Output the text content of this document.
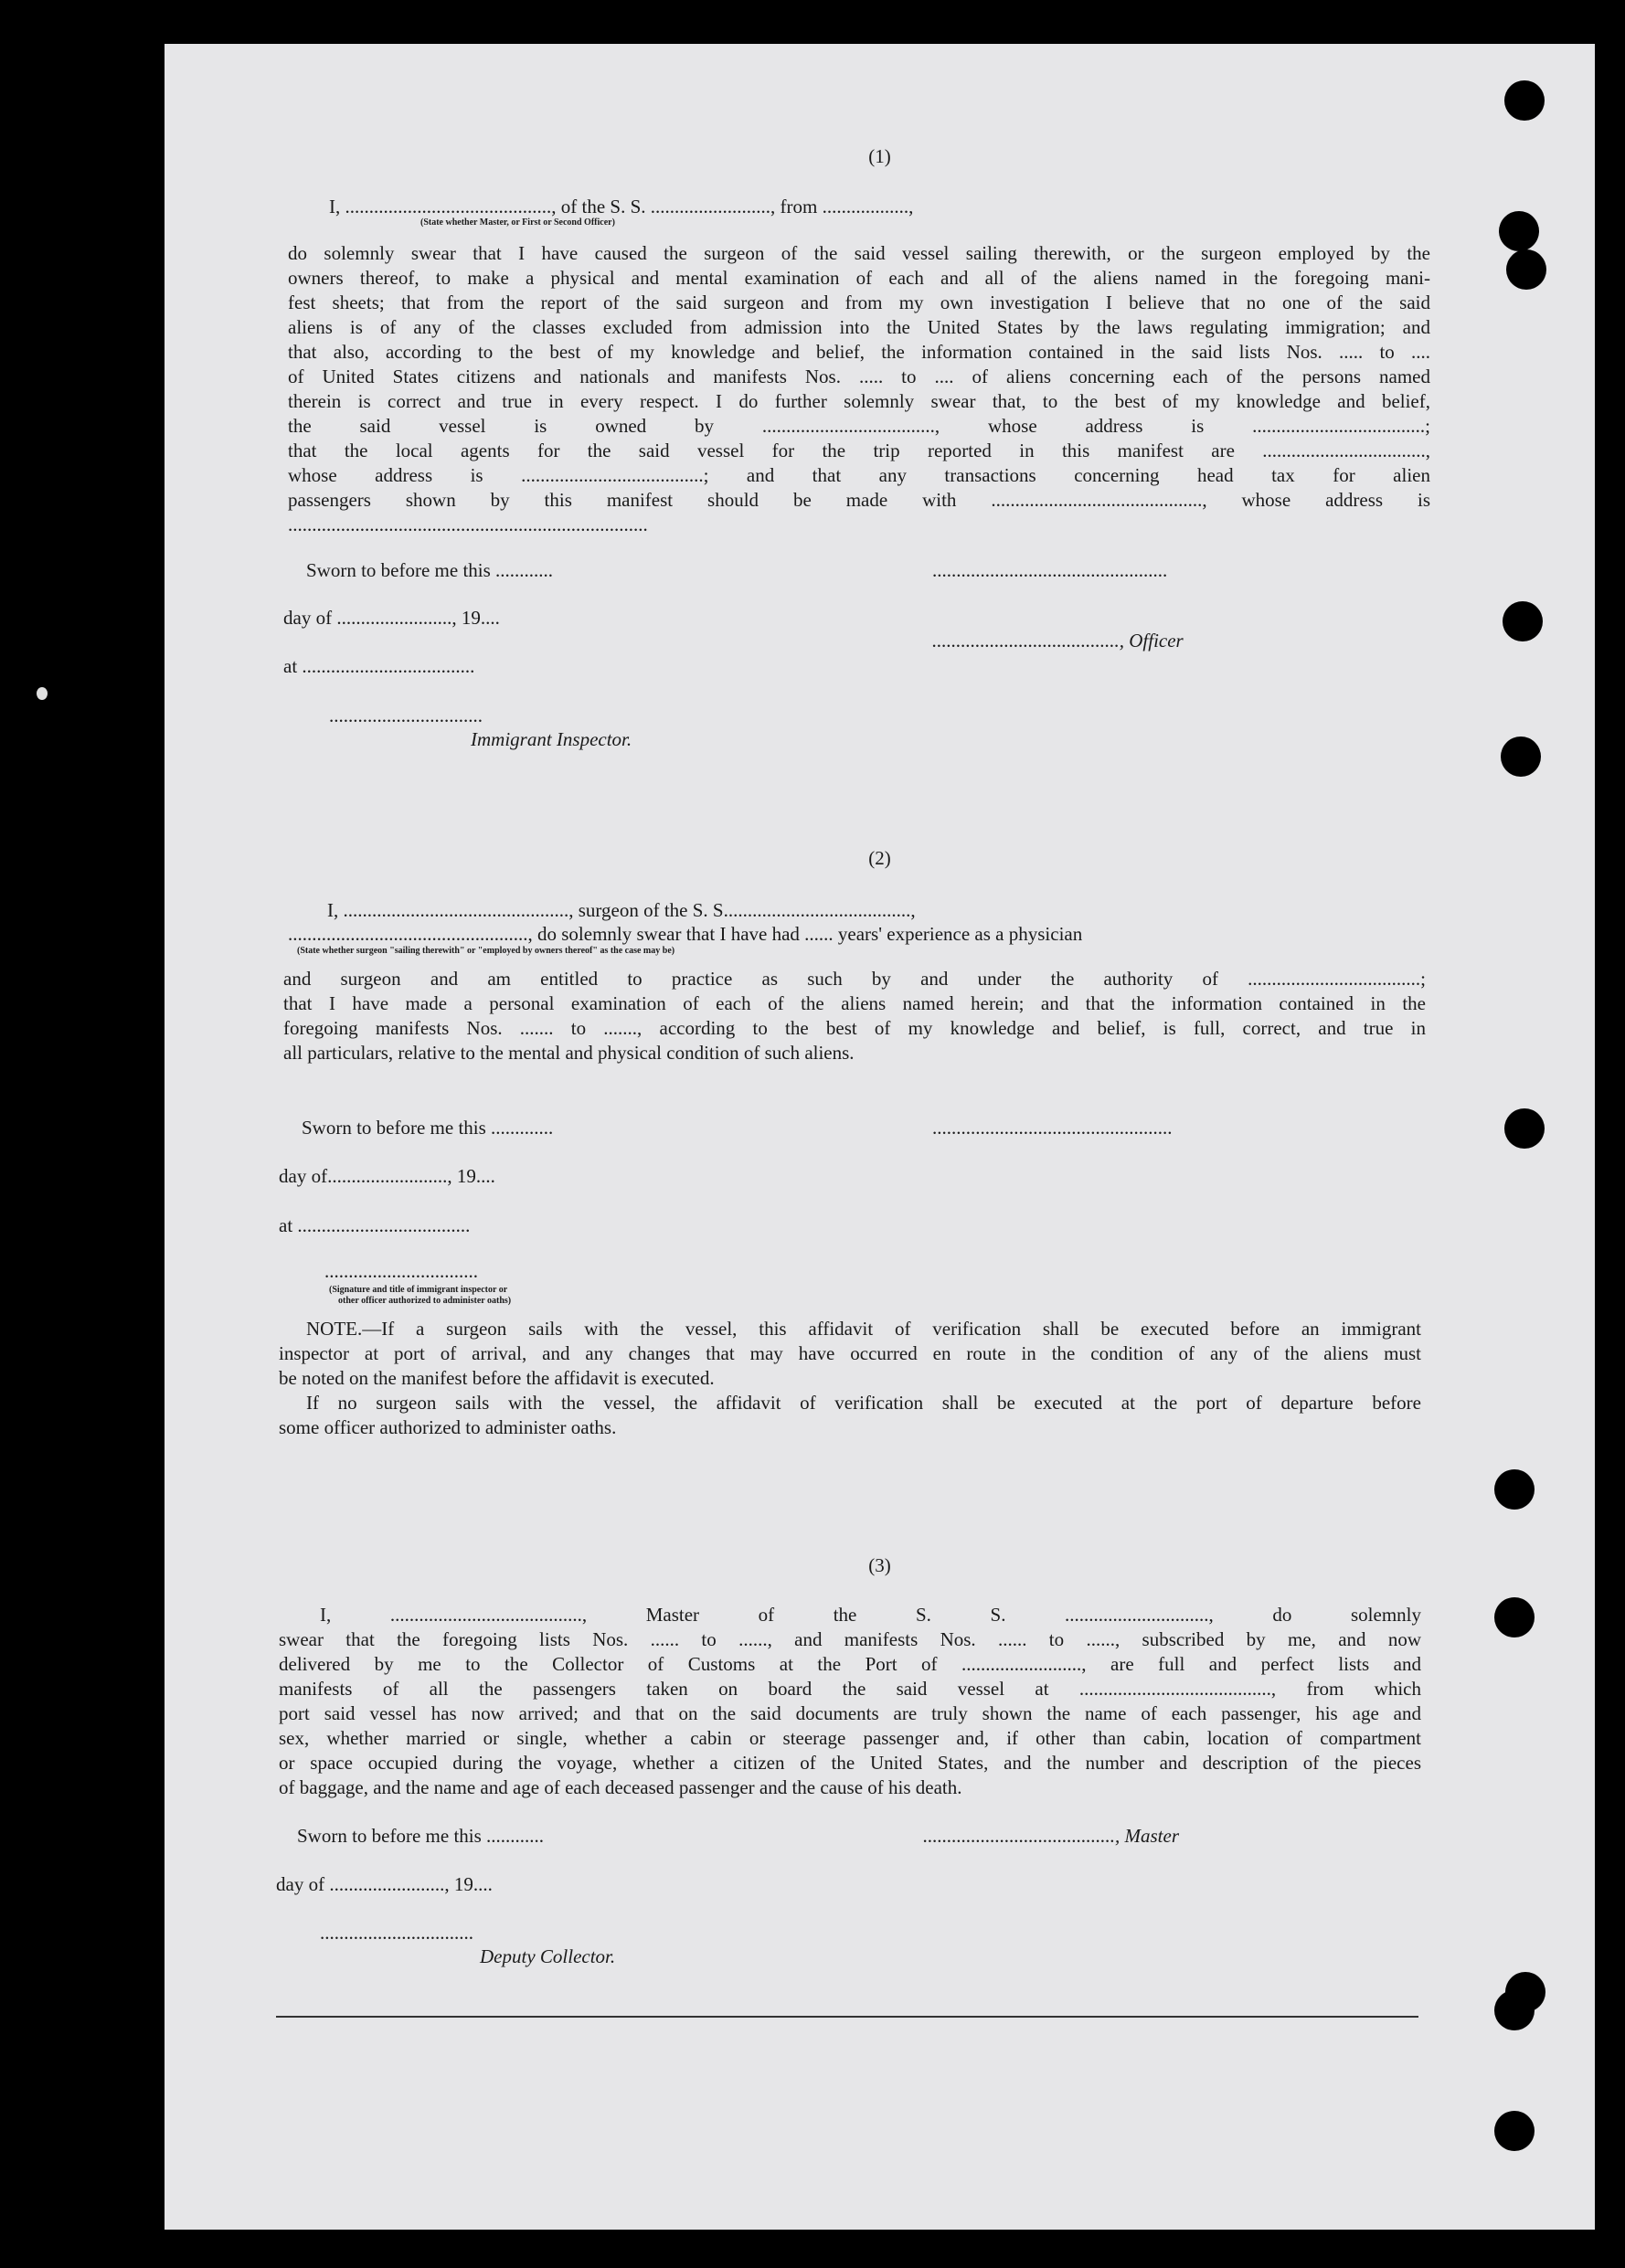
(1)
I, ..........................................., of the S. S. ........................., from ..................,
(State whether Master, or First or Second Officer)
do solemnly swear that I have caused the surgeon of the said vessel sailing therewith, or the surgeon employed by the
owners thereof, to make a physical and mental examination of each and all of the aliens named in the foregoing mani-
fest sheets; that from the report of the said surgeon and from my own investigation I believe that no one of the said
aliens is of any of the classes excluded from admission into the United States by the laws regulating immigration; and
that also, according to the best of my knowledge and belief, the information contained in the said lists Nos. ..... to ....
of United States citizens and nationals and manifests Nos. ..... to .... of aliens concerning each of the persons named
therein is correct and true in every respect. I do further solemnly swear that, to the best of my knowledge and belief,
the said vessel is owned by ...................................., whose address is ....................................;
that the local agents for the said vessel for the trip reported in this manifest are ..................................,
whose address is ......................................; and that any transactions concerning head tax for alien
passengers shown by this manifest should be made with ............................................, whose address is
...........................................................................
Sworn to before me this ............	.................................................
day of ........................, 19....
......................................., Officer
at ....................................
................................
Immigrant Inspector.
(2)
I, ..............................................., surgeon of the S. S.......................................,
.................................................., do solemnly swear that I have had ...... years' experience as a physician
(State whether surgeon "sailing therewith" or "employed by owners thereof" as the case may be)
and surgeon and am entitled to practice as such by and under the authority of ....................................;
that I have made a personal examination of each of the aliens named herein; and that the information contained in the
foregoing manifests Nos. ....... to ......., according to the best of my knowledge and belief, is full, correct, and true in
all particulars, relative to the mental and physical condition of such aliens.
Sworn to before me this .............	..................................................
day of........................., 19....
at ....................................
................................
(Signature and title of immigrant inspector or
other officer authorized to administer oaths)
NOTE.—If a surgeon sails with the vessel, this affidavit of verification shall be executed before an immigrant
inspector at port of arrival, and any changes that may have occurred en route in the condition of any of the aliens must
be noted on the manifest before the affidavit is executed.
If no surgeon sails with the vessel, the affidavit of verification shall be executed at the port of departure before
some officer authorized to administer oaths.
(3)
I, ........................................, Master of the S. S. .............................., do solemnly
swear that the foregoing lists Nos. ...... to ......, and manifests Nos. ...... to ......, subscribed by me, and now
delivered by me to the Collector of Customs at the Port of ........................., are full and perfect lists and
manifests of all the passengers taken on board the said vessel at ........................................, from which
port said vessel has now arrived; and that on the said documents are truly shown the name of each passenger, his age and
sex, whether married or single, whether a cabin or steerage passenger and, if other than cabin, location of compartment
or space occupied during the voyage, whether a citizen of the United States, and the number and description of the pieces
of baggage, and the name and age of each deceased passenger and the cause of his death.
Sworn to before me this ............	........................................, Master
day of ........................, 19....
................................
Deputy Collector.
